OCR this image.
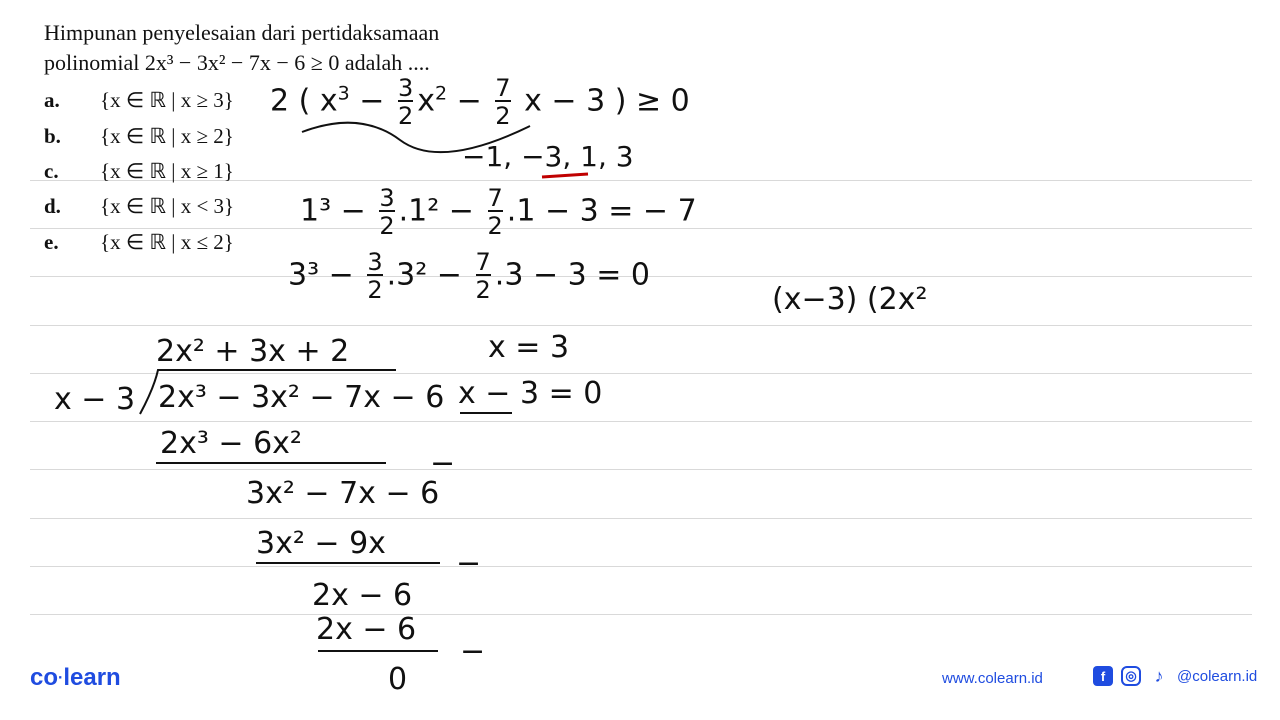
Himpunan penyelesaian dari pertidaksamaan

polinomial 2x³ − 3x² − 7x − 6 ≥ 0 adalah ....

a. {x ∈ ℝ | x ≥ 3}
b. {x ∈ ℝ | x ≥ 2}
c. {x ∈ ℝ | x ≥ 1}
d. {x ∈ ℝ | x < 3}
e. {x ∈ ℝ | x ≤ 2}
2 ( $x^3 - \frac{3}{2} x^2 - \frac{7}{2}$ x − 3 ) ≥ 0
−1, −3, 1, 3
$1^3 - \frac{3}{2} .1^2 - \frac{7}{2} .1 - 3$ = − 7
$3^3 - \frac{3}{2} .3^2 - \frac{7}{2} .3 - 3 = 0$
(x−3) (2x²
x = 3
x − 3 = 0
2x² + 3x + 2
x − 3 2x³ − 3x² − 7x − 6
2x³ − 6x²
−
3x² − 7x − 6
3x² − 9x
−
2x − 6
2x − 6
−
0
co·learn	www.colearn.id	f	◎ ♪ @colearn.id
